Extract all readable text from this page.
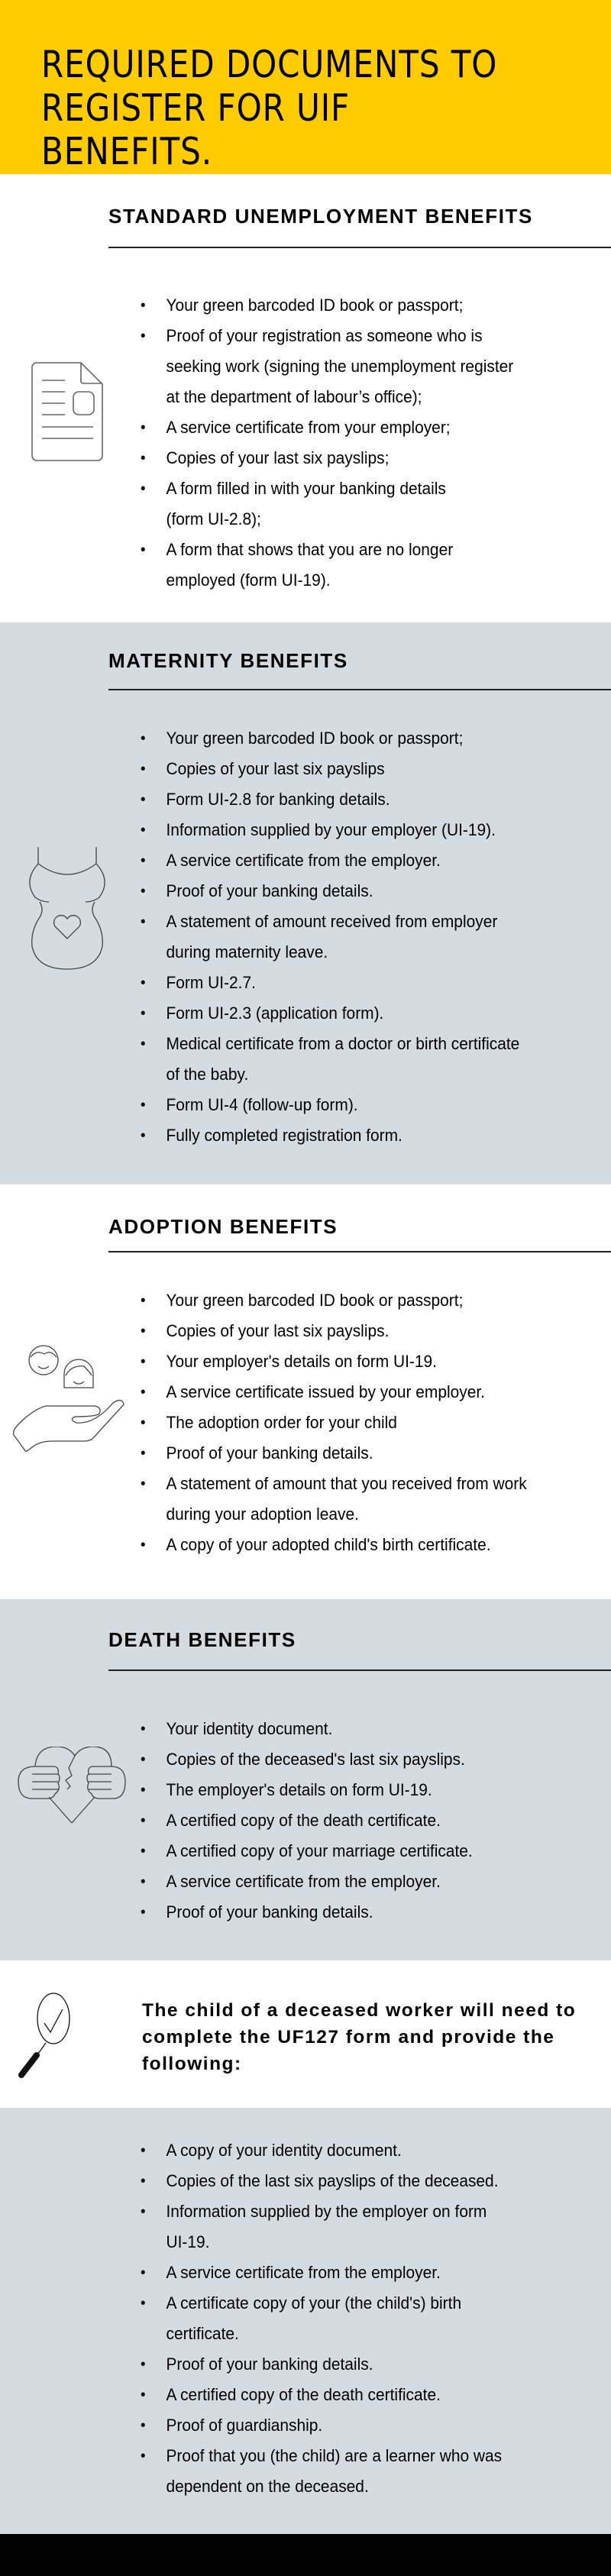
REQUIRED DOCUMENTS TO
REGISTER FOR UIF BENEFITS.
STANDARD UNEMPLOYMENT BENEFITS
• Your green barcoded ID book or passport;
• Proof of your registration as someone who is
seeking work (signing the unemployment register
at the department of labour’s office);
• A service certificate from your employer;
• Copies of your last six payslips;
• A form filled in with your banking details
(form UI-2.8);
• A form that shows that you are no longer
employed (form UI-19).
MATERNITY BENEFITS
• Your green barcoded ID book or passport;
• Copies of your last six payslips
• Form UI-2.8 for banking details.
• Information supplied by your employer (UI-19).
• A service certificate from the employer.
• Proof of your banking details.
• A statement of amount received from employer
during maternity leave.
• Form UI-2.7.
• Form UI-2.3 (application form).
• Medical certificate from a doctor or birth certificate
of the baby.
• Form UI-4 (follow-up form).
• Fully completed registration form.
ADOPTION BENEFITS
• Your green barcoded ID book or passport;
• Copies of your last six payslips.
• Your employer's details on form UI-19.
• A service certificate issued by your employer.
• The adoption order for your child
• Proof of your banking details.
• A statement of amount that you received from work
during your adoption leave.
• A copy of your adopted child's birth certificate.
DEATH BENEFITS
• Your identity document.
• Copies of the deceased's last six payslips.
• The employer's details on form UI-19.
• A certified copy of the death certificate.
• A certified copy of your marriage certificate.
• A service certificate from the employer.
• Proof of your banking details.
The child of a deceased worker will need to complete the UF127 form and provide the following:
• A copy of your identity document.
• Copies of the last six payslips of the deceased.
• Information supplied by the employer on form
UI-19.
• A service certificate from the employer.
• A certificate copy of your (the child's) birth
certificate.
• Proof of your banking details.
• A certified copy of the death certificate.
• Proof of guardianship.
• Proof that you (the child) are a learner who was
dependent on the deceased.
